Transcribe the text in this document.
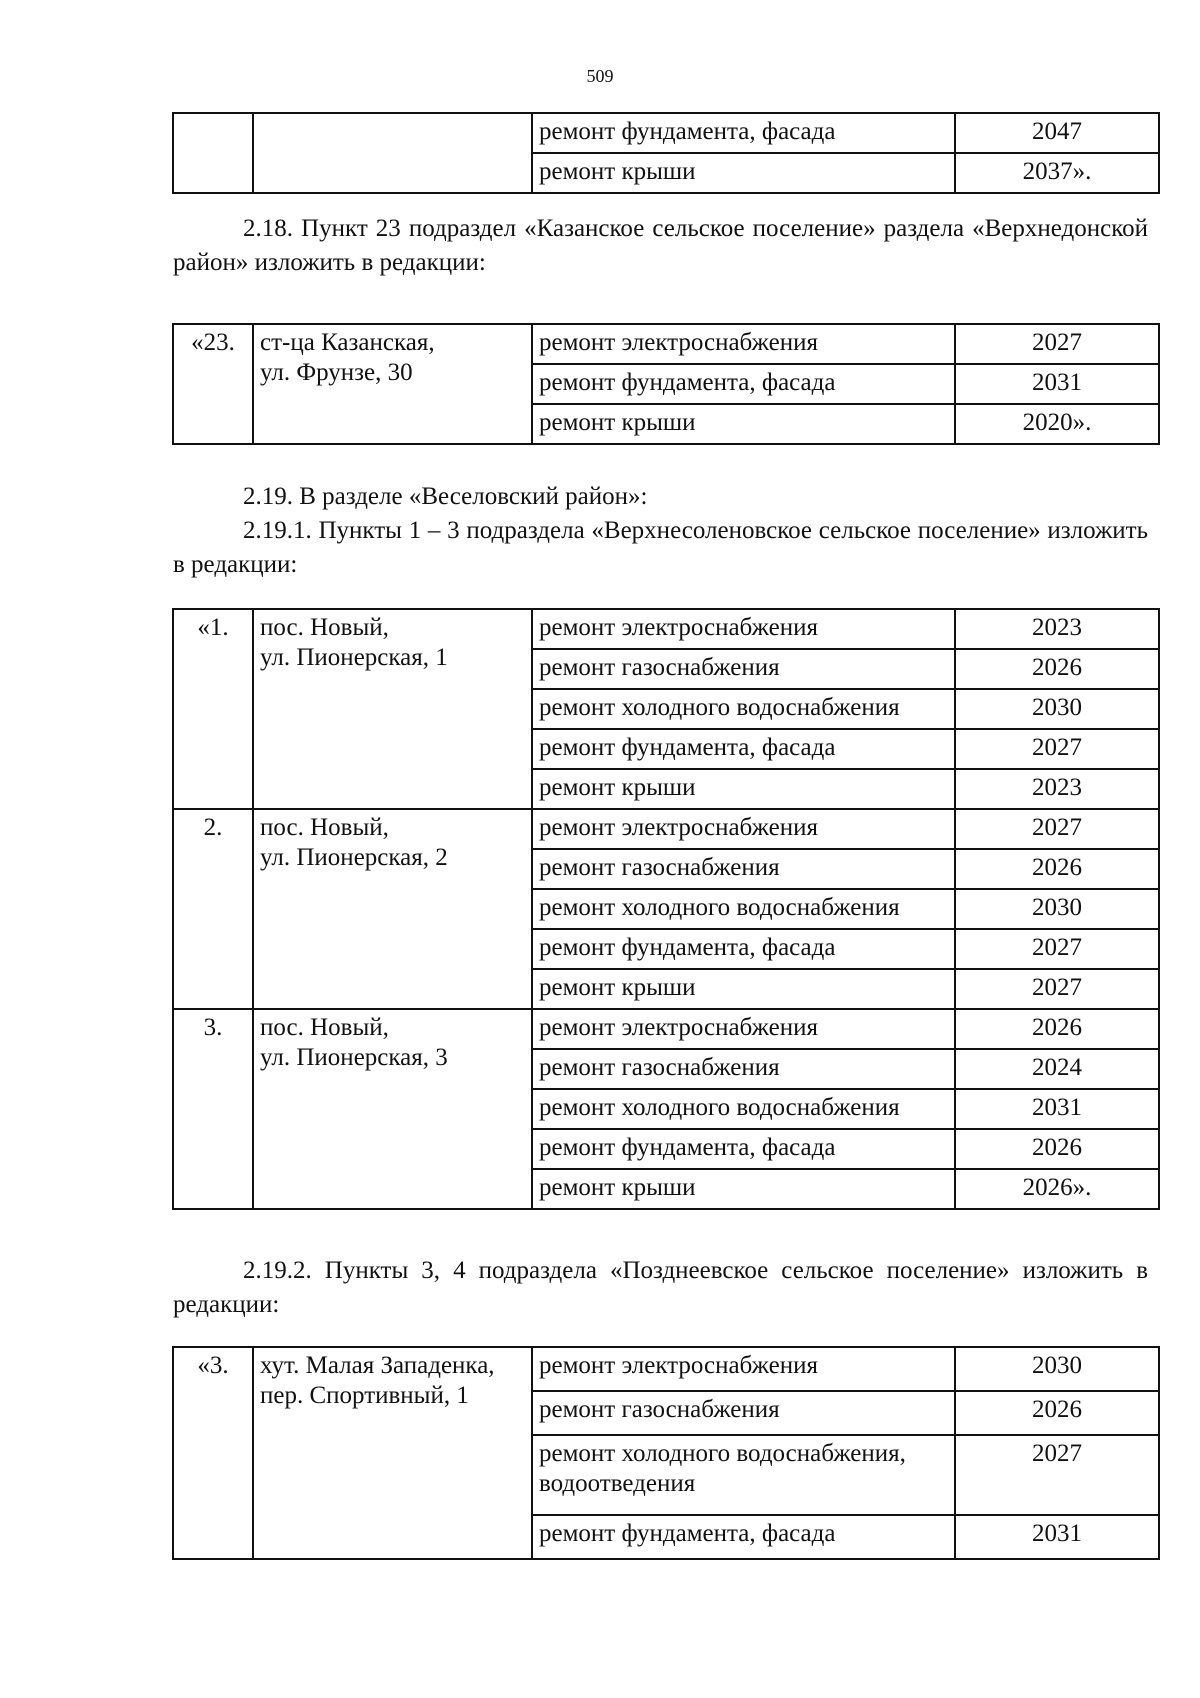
509
		ремонт фундамента, фасада	2047
		ремонт крыши	2037».

2.18. Пункт 23 подраздел «Казанское сельское поселение» раздела «Верхнедонской район» изложить в редакции:

«23.	ст-ца Казанская,
ул. Фрунзе, 30	ремонт электроснабжения	2027
		ремонт фундамента, фасада	2031
		ремонт крыши	2020».

2.19. В разделе «Веселовский район»:

2.19.1. Пункты 1 – 3 подраздела «Верхнесоленовское сельское поселение» изложить в редакции:

«1.	пос. Новый,
ул. Пионерская, 1	ремонт электроснабжения	2023
		ремонт газоснабжения	2026
		ремонт холодного водоснабжения	2030
		ремонт фундамента, фасада	2027
		ремонт крыши	2023
2.	пос. Новый,
ул. Пионерская, 2	ремонт электроснабжения	2027
		ремонт газоснабжения	2026
		ремонт холодного водоснабжения	2030
		ремонт фундамента, фасада	2027
		ремонт крыши	2027
3.	пос. Новый,
ул. Пионерская, 3	ремонт электроснабжения	2026
		ремонт газоснабжения	2024
		ремонт холодного водоснабжения	2031
		ремонт фундамента, фасада	2026
		ремонт крыши	2026».

2.19.2. Пункты 3, 4 подраздела «Позднеевское сельское поселение» изложить в редакции:

«3.	хут. Малая Западенка,
пер. Спортивный, 1	ремонт электроснабжения	2030
		ремонт газоснабжения	2026
		ремонт холодного водоснабжения, водоотведения	2027
		ремонт фундамента, фасада	2031
